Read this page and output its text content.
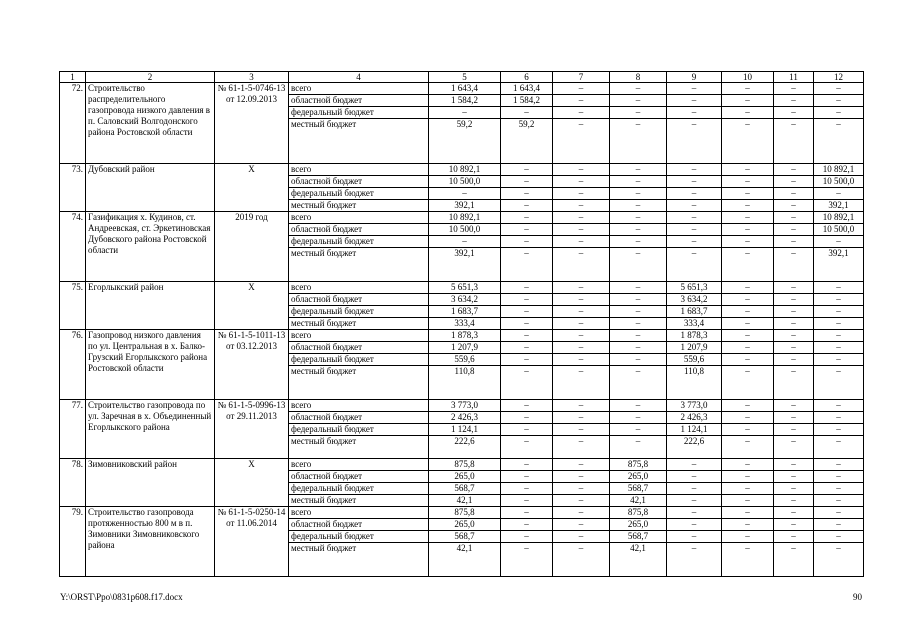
1	2	3	4	5	6	7	8	9	10	11	12
72.	Строительство распределительного газопровода низкого давления в п. Саловский Волгодонского района Ростовской области	№ 61-1-5-0746-13 от 12.09.2013	всего	1 643,4	1 643,4	–	–	–	–	–	–
			областной бюджет	1 584,2	1 584,2	–	–	–	–	–	–
			федеральный бюджет	–	–	–	–	–	–	–	–
			местный бюджет	59,2	59,2	–	–	–	–	–	–
73.	Дубовский район	Х	всего	10 892,1	–	–	–	–	–	–	10 892,1
			областной бюджет	10 500,0	–	–	–	–	–	–	10 500,0
			федеральный бюджет	–	–	–	–	–	–	–	–
			местный бюджет	392,1	–	–	–	–	–	–	392,1
74.	Газификация х. Кудинов, ст. Андреевская, ст. Эркетиновская Дубовского района Ростовской области	2019 год	всего	10 892,1	–	–	–	–	–	–	10 892,1
			областной бюджет	10 500,0	–	–	–	–	–	–	10 500,0
			федеральный бюджет	–	–	–	–	–	–	–	–
			местный бюджет	392,1	–	–	–	–	–	–	392,1
75.	Егорлыкский район	Х	всего	5 651,3	–	–	–	5 651,3	–	–	–
			областной бюджет	3 634,2	–	–	–	3 634,2	–	–	–
			федеральный бюджет	1 683,7	–	–	–	1 683,7	–	–	–
			местный бюджет	333,4	–	–	–	333,4	–	–	–
76.	Газопровод низкого давления по ул. Центральная в х. Балко-Грузский Егорлыкского района Ростовской области	№ 61-1-5-1011-13 от 03.12.2013	всего	1 878,3	–	–	–	1 878,3	–	–	–
			областной бюджет	1 207,9	–	–	–	1 207,9	–	–	–
			федеральный бюджет	559,6	–	–	–	559,6	–	–	–
			местный бюджет	110,8	–	–	–	110,8	–	–	–
77.	Строительство газопровода по ул. Заречная в х. Объединенный Егорлыкского района	№ 61-1-5-0996-13 от 29.11.2013	всего	3 773,0	–	–	–	3 773,0	–	–	–
			областной бюджет	2 426,3	–	–	–	2 426,3	–	–	–
			федеральный бюджет	1 124,1	–	–	–	1 124,1	–	–	–
			местный бюджет	222,6	–	–	–	222,6	–	–	–
78.	Зимовниковский район	Х	всего	875,8	–	–	875,8	–	–	–	–
			областной бюджет	265,0	–	–	265,0	–	–	–	–
			федеральный бюджет	568,7	–	–	568,7	–	–	–	–
			местный бюджет	42,1	–	–	42,1	–	–	–	–
79.	Строительство газопровода протяженностью 800 м в п. Зимовники Зимовниковского района	№ 61-1-5-0250-14 от 11.06.2014	всего	875,8	–	–	875,8	–	–	–	–
			областной бюджет	265,0	–	–	265,0	–	–	–	–
			федеральный бюджет	568,7	–	–	568,7	–	–	–	–
			местный бюджет	42,1	–	–	42,1	–	–	–	–
Y:\ORST\Ppo\0831p608.f17.docx	90
